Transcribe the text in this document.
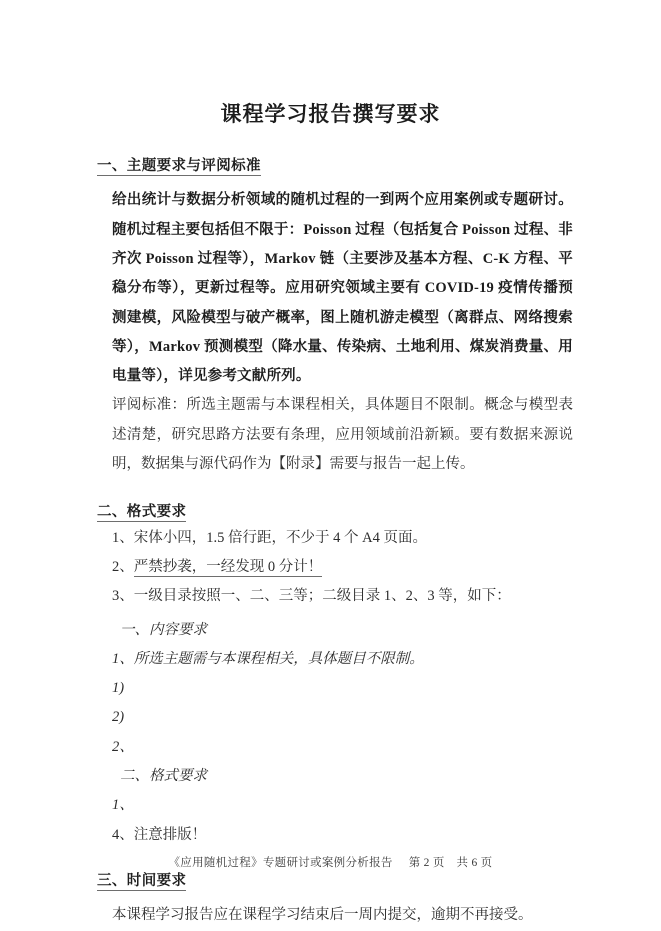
课程学习报告撰写要求
一、主题要求与评阅标准

给出统计与数据分析领域的随机过程的一到两个应用案例或专题研讨。随机过程主要包括但不限于：Poisson 过程（包括复合 Poisson 过程、非齐次 Poisson 过程等），Markov 链（主要涉及基本方程、C-K 方程、平稳分布等），更新过程等。应用研究领域主要有 COVID-19 疫情传播预测建模，风险模型与破产概率，图上随机游走模型（离群点、网络搜索等），Markov 预测模型（降水量、传染病、土地利用、煤炭消费量、用电量等），详见参考文献所列。

评阅标准：所选主题需与本课程相关，具体题目不限制。概念与模型表述清楚，研究思路方法要有条理，应用领域前沿新颖。要有数据来源说明，数据集与源代码作为【附录】需要与报告一起上传。

二、格式要求

1、宋体小四，1.5 倍行距，不少于 4 个 A4 页面。

2、严禁抄袭，一经发现 0 分计！

3、一级目录按照一、二、三等；二级目录 1、2、3 等，如下：

一、内容要求

1、所选主题需与本课程相关，具体题目不限制。

1)

2)

2、

二、格式要求

1、

4、注意排版！

三、时间要求

本课程学习报告应在课程学习结束后一周内提交，逾期不再接受。

《应用随机过程》专题研讨或案例分析报告 第 2 页　共 6 页
